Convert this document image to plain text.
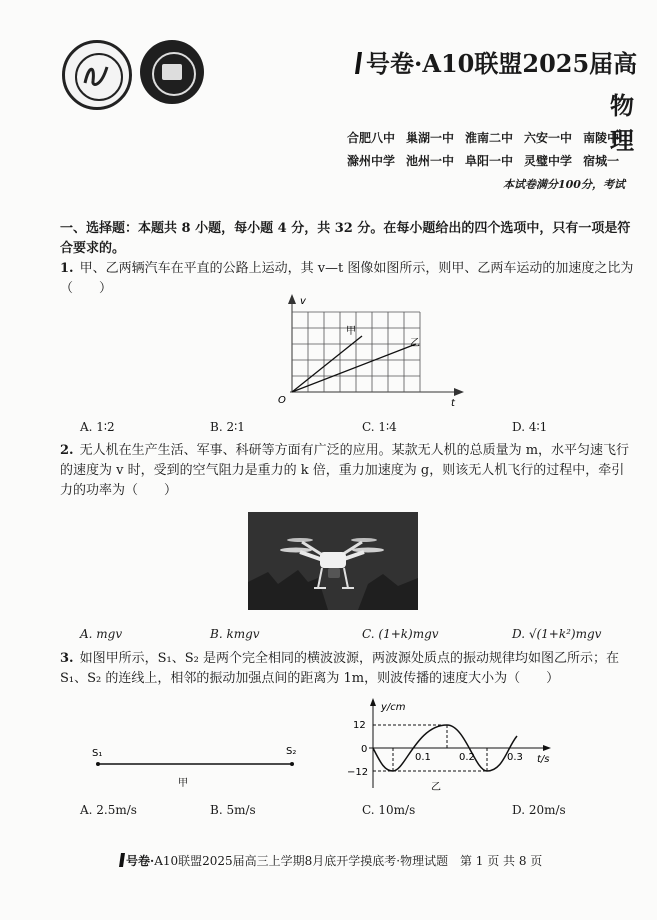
号卷·A10联盟2025届高
物理
合肥八中 巢湖一中 淮南二中 六安一中 南陵中
滁州中学 池州一中 阜阳一中 灵璧中学 宿城一
本试卷满分100分，考试
一、选择题：本题共 8 小题，每小题 4 分，共 32 分。在每小题给出的四个选项中，只有一项是符合要求的。
1. 甲、乙两辆汽车在平直的公路上运动，其 v—t 图像如图所示，则甲、乙两车运动的加速度之比为（　　）
v
t
O
甲
乙
A. 1∶2	B. 2∶1	C. 1∶4	D. 4∶1
2. 无人机在生产生活、军事、科研等方面有广泛的应用。某款无人机的总质量为 m，水平匀速飞行的速度为 v 时，受到的空气阻力是重力的 k 倍，重力加速度为 g，则该无人机飞行的过程中，牵引力的功率为（　　）
A. mgv	B. kmgv	C. (1+k)mgv	D. √(1+k²)mgv
3. 如图甲所示，S₁、S₂ 是两个完全相同的横波波源，两波源处质点的振动规律均如图乙所示；在 S₁、S₂ 的连线上，相邻的振动加强点间的距离为 1m，则波传播的速度大小为（　　）
S₁	S₂
甲
y/cm
t/s
12
0
−12
0.1	0.2	0.3
乙
A. 2.5m/s	B. 5m/s	C. 10m/s	D. 20m/s
号卷·A10联盟2025届高三上学期8月底开学摸底考·物理试题 第 1 页 共 8 页
